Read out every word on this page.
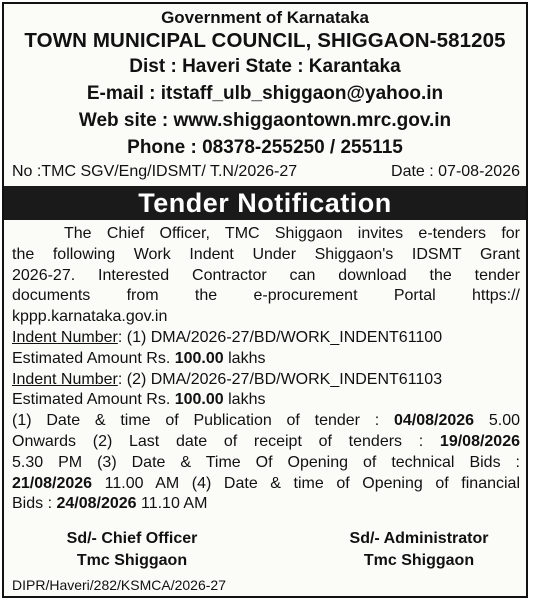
Government of Karnataka
TOWN MUNICIPAL COUNCIL, SHIGGAON-581205
Dist : Haveri State : Karantaka
E-mail : itstaff_ulb_shiggaon@yahoo.in
Web site : www.shiggaontown.mrc.gov.in
Phone : 08378-255250 / 255115
No :TMC SGV/Eng/IDSMT/ T.N/2026-27	Date : 07-08-2026
Tender Notification
The Chief Officer, TMC Shiggaon invites e-tenders for
the following Work Indent Under Shiggaon's IDSMT Grant
2026-27. Interested Contractor can download the tender
documents from the e-procurement Portal https://
kppp.karnataka.gov.in
Indent Number: (1) DMA/2026-27/BD/WORK_INDENT61100
Estimated Amount Rs. 100.00 lakhs
Indent Number: (2) DMA/2026-27/BD/WORK_INDENT61103
Estimated Amount Rs. 100.00 lakhs
(1) Date & time of Publication of tender : 04/08/2026 5.00
Onwards (2) Last date of receipt of tenders : 19/08/2026
5.30 PM (3) Date & Time Of Opening of technical Bids :
21/08/2026 11.00 AM (4) Date & time of Opening of financial
Bids : 24/08/2026 11.10 AM
Sd/- Chief Officer
Tmc Shiggaon
Sd/- Administrator
Tmc Shiggaon
DIPR/Haveri/282/KSMCA/2026-27
